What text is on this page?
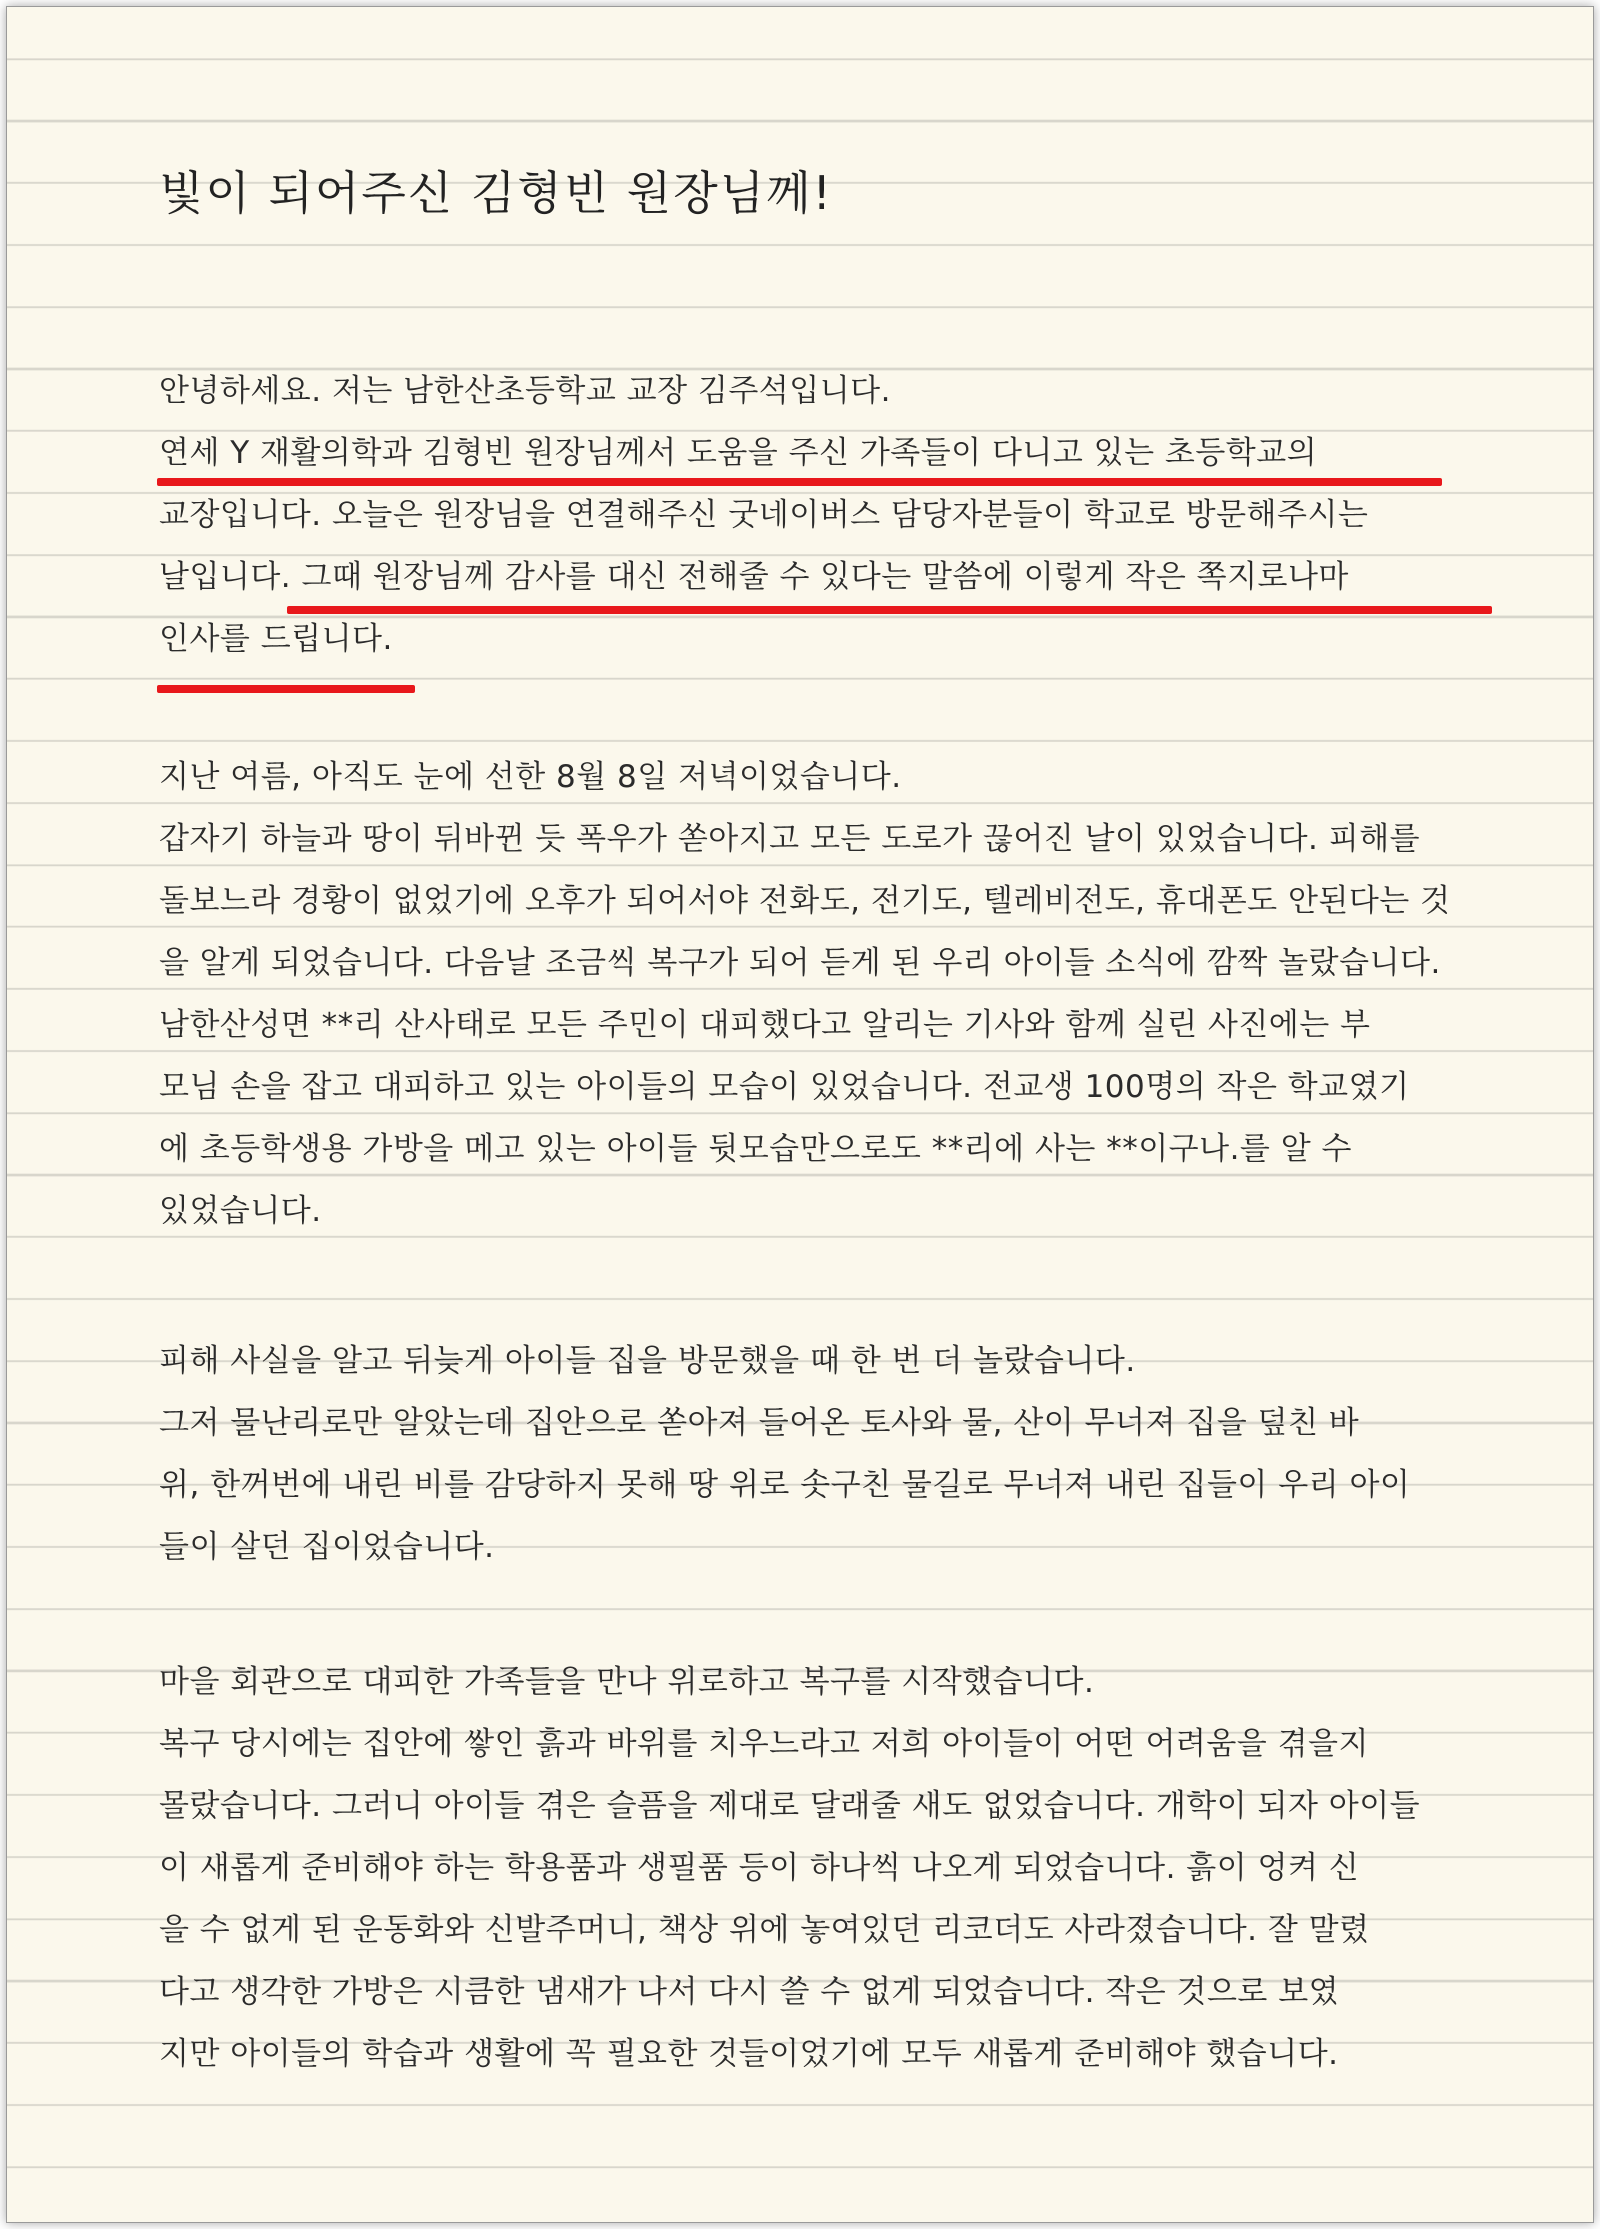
빛이 되어주신 김형빈 원장님께!
안녕하세요. 저는 남한산초등학교 교장 김주석입니다.
연세 Y 재활의학과 김형빈 원장님께서 도움을 주신 가족들이 다니고 있는 초등학교의
교장입니다. 오늘은 원장님을 연결해주신 굿네이버스 담당자분들이 학교로 방문해주시는
날입니다. 그때 원장님께 감사를 대신 전해줄 수 있다는 말씀에 이렇게 작은 쪽지로나마
인사를 드립니다.
지난 여름, 아직도 눈에 선한 8월 8일 저녁이었습니다.
갑자기 하늘과 땅이 뒤바뀐 듯 폭우가 쏟아지고 모든 도로가 끊어진 날이 있었습니다. 피해를
돌보느라 경황이 없었기에 오후가 되어서야 전화도, 전기도, 텔레비전도, 휴대폰도 안된다는 것
을 알게 되었습니다. 다음날 조금씩 복구가 되어 듣게 된 우리 아이들 소식에 깜짝 놀랐습니다.
남한산성면 **리 산사태로 모든 주민이 대피했다고 알리는 기사와 함께 실린 사진에는 부
모님 손을 잡고 대피하고 있는 아이들의 모습이 있었습니다. 전교생 100명의 작은 학교였기
에 초등학생용 가방을 메고 있는 아이들 뒷모습만으로도 **리에 사는 **이구나.를 알 수
있었습니다.
피해 사실을 알고 뒤늦게 아이들 집을 방문했을 때 한 번 더 놀랐습니다.
그저 물난리로만 알았는데 집안으로 쏟아져 들어온 토사와 물, 산이 무너져 집을 덮친 바
위, 한꺼번에 내린 비를 감당하지 못해 땅 위로 솟구친 물길로 무너져 내린 집들이 우리 아이
들이 살던 집이었습니다.
마을 회관으로 대피한 가족들을 만나 위로하고 복구를 시작했습니다.
복구 당시에는 집안에 쌓인 흙과 바위를 치우느라고 저희 아이들이 어떤 어려움을 겪을지
몰랐습니다. 그러니 아이들 겪은 슬픔을 제대로 달래줄 새도 없었습니다. 개학이 되자 아이들
이 새롭게 준비해야 하는 학용품과 생필품 등이 하나씩 나오게 되었습니다. 흙이 엉켜 신
을 수 없게 된 운동화와 신발주머니, 책상 위에 놓여있던 리코더도 사라졌습니다. 잘 말렸
다고 생각한 가방은 시큼한 냄새가 나서 다시 쓸 수 없게 되었습니다. 작은 것으로 보였
지만 아이들의 학습과 생활에 꼭 필요한 것들이었기에 모두 새롭게 준비해야 했습니다.
